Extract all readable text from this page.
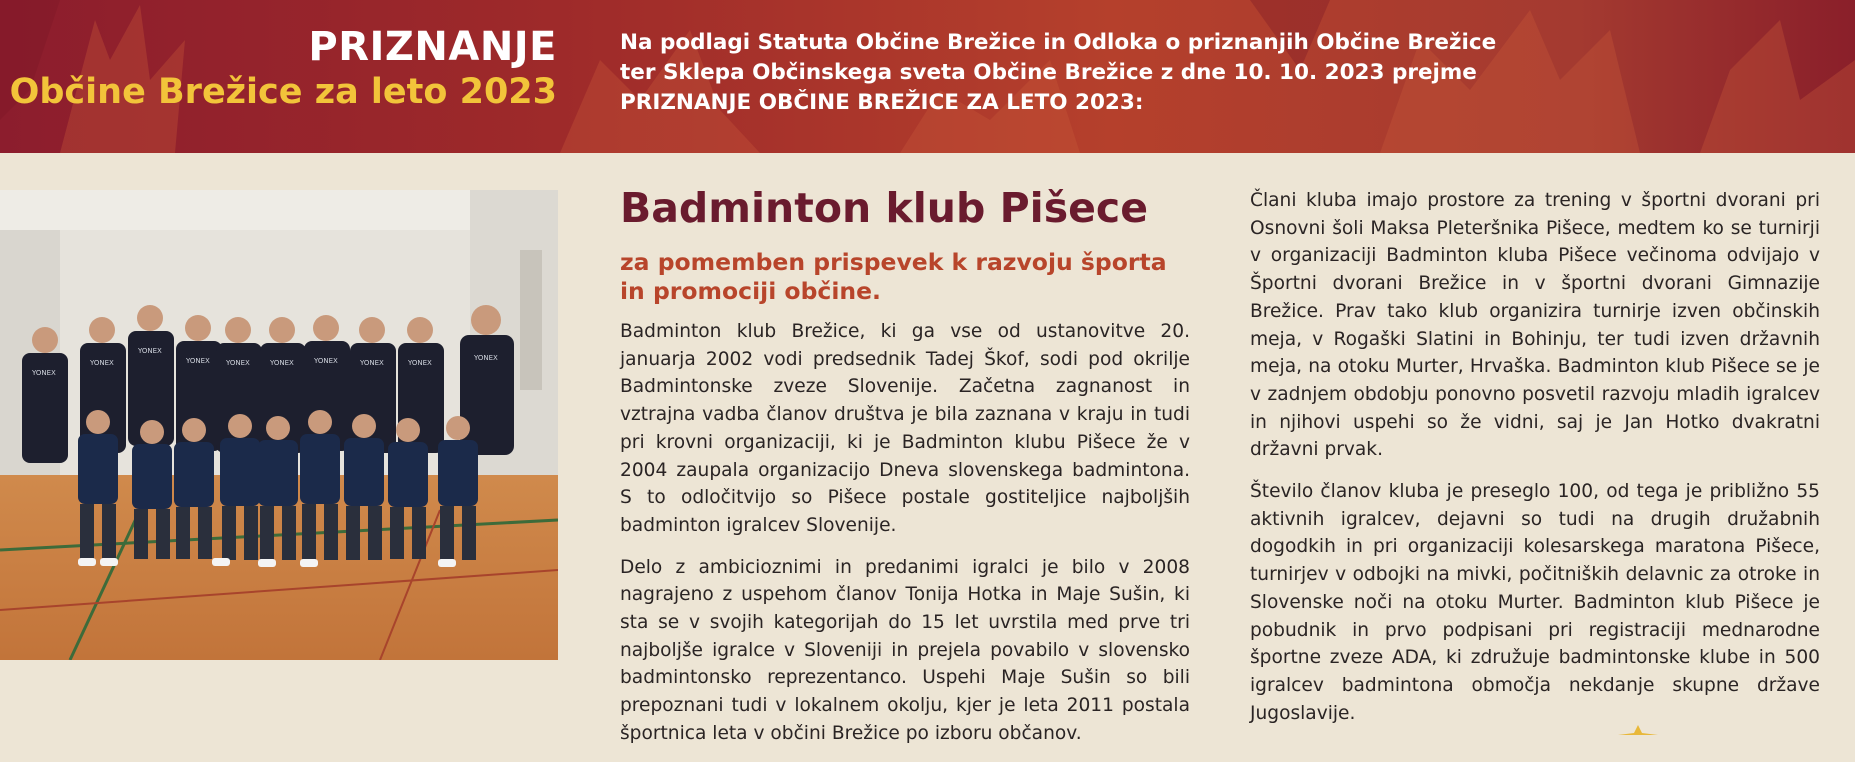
PRIZNANJE
Občine Brežice za leto 2023
Na podlagi Statuta Občine Brežice in Odloka o priznanjih Občine Brežice
ter Sklepa Občinskega sveta Občine Brežice z dne 10. 10. 2023 prejme
PRIZNANJE OBČINE BREŽICE ZA LETO 2023:
YONEX
YONEX
YONEX
YONEX YONEX	YONEX	YONEX	YONEX	YONEX
YONEX
Badminton klub Pišece
za pomemben prispevek k razvoju športa in promociji občine.

Badminton klub Brežice, ki ga vse od ustanovitve 20. januarja 2002 vodi predsednik Tadej Škof, sodi pod okrilje Badmintonske zveze Slovenije. Začetna zagnanost in vztrajna vadba članov društva je bila zaznana v kraju in tudi pri krovni organizaciji, ki je Badminton klubu Pišece že v 2004 zaupala organizacijo Dneva slovenskega badmintona. S to odločitvijo so Pišece postale gostiteljice najboljših badminton igralcev Slovenije.

Delo z ambicioznimi in predanimi igralci je bilo v 2008 nagrajeno z uspehom članov Tonija Hotka in Maje Sušin, ki sta se v svojih kategorijah do 15 let uvrstila med prve tri najboljše igralce v Sloveniji in prejela povabilo v slovensko badmintonsko reprezentanco. Uspehi Maje Sušin so bili prepoznani tudi v lokalnem okolju, kjer je leta 2011 postala športnica leta v občini Brežice po izboru občanov.

Člani kluba imajo prostore za trening v športni dvorani pri Osnovni šoli Maksa Pleteršnika Pišece, medtem ko se turnirji v organizaciji Badminton kluba Pišece večinoma odvijajo v Športni dvorani Brežice in v športni dvorani Gimnazije Brežice. Prav tako klub organizira turnirje izven občinskih meja, v Rogaški Slatini in Bohinju, ter tudi izven državnih meja, na otoku Murter, Hrvaška. Badminton klub Pišece se je v zadnjem obdobju ponovno posvetil razvoju mladih igralcev in njihovi uspehi so že vidni, saj je Jan Hotko dvakratni državni prvak.

Število članov kluba je preseglo 100, od tega je približno 55 aktivnih igralcev, dejavni so tudi na drugih družabnih dogodkih in pri organizaciji kolesarskega maratona Pišece, turnirjev v odbojki na mivki, počitniških delavnic za otroke in Slovenske noči na otoku Murter. Badminton klub Pišece je pobudnik in prvo podpisani pri registraciji mednarodne športne zveze ADA, ki združuje badmintonske klube in 500 igralcev badmintona območja nekdanje skupne države Jugoslavije.
